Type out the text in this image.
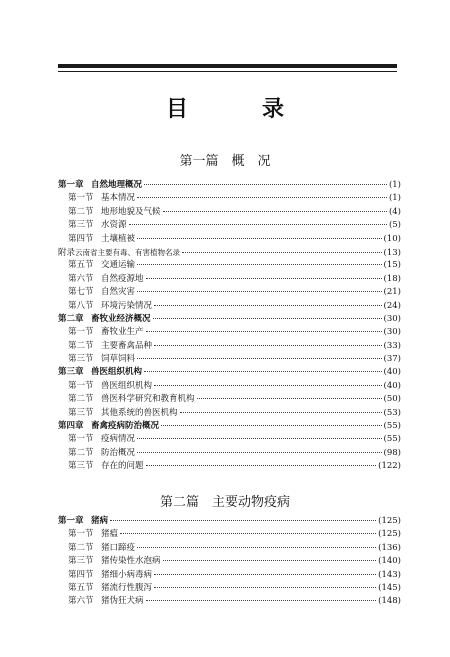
目　录
第一篇　概　况
第一章 自然地理概况	(1)
第一节 基本情况	(1)
第二节 地形地貌及气候	(4)
第三节 水资源	(5)
第四节 土壤植被	(10)
附录 云南省主要有毒、有害植物名录	(13)
第五节 交通运输	(15)
第六节 自然疫源地	(18)
第七节 自然灾害	(21)
第八节 环境污染情况	(24)
第二章 畜牧业经济概况	(30)
第一节 畜牧业生产	(30)
第二节 主要畜禽品种	(33)
第三节 饲草饲料	(37)
第三章 兽医组织机构	(40)
第一节 兽医组织机构	(40)
第二节 兽医科学研究和教育机构	(50)
第三节 其他系统的兽医机构	(53)
第四章 畜禽疫病防治概况	(55)
第一节 疫病情况	(55)
第二节 防治概况	(98)
第三节 存在的问题	(122)
第二篇　主要动物疫病
第一章 猪病	(125)
第一节 猪瘟	(125)
第二节 猪口蹄疫	(136)
第三节 猪传染性水泡病	(140)
第四节 猪细小病毒病	(143)
第五节 猪流行性腹泻	(145)
第六节 猪伪狂犬病	(148)
